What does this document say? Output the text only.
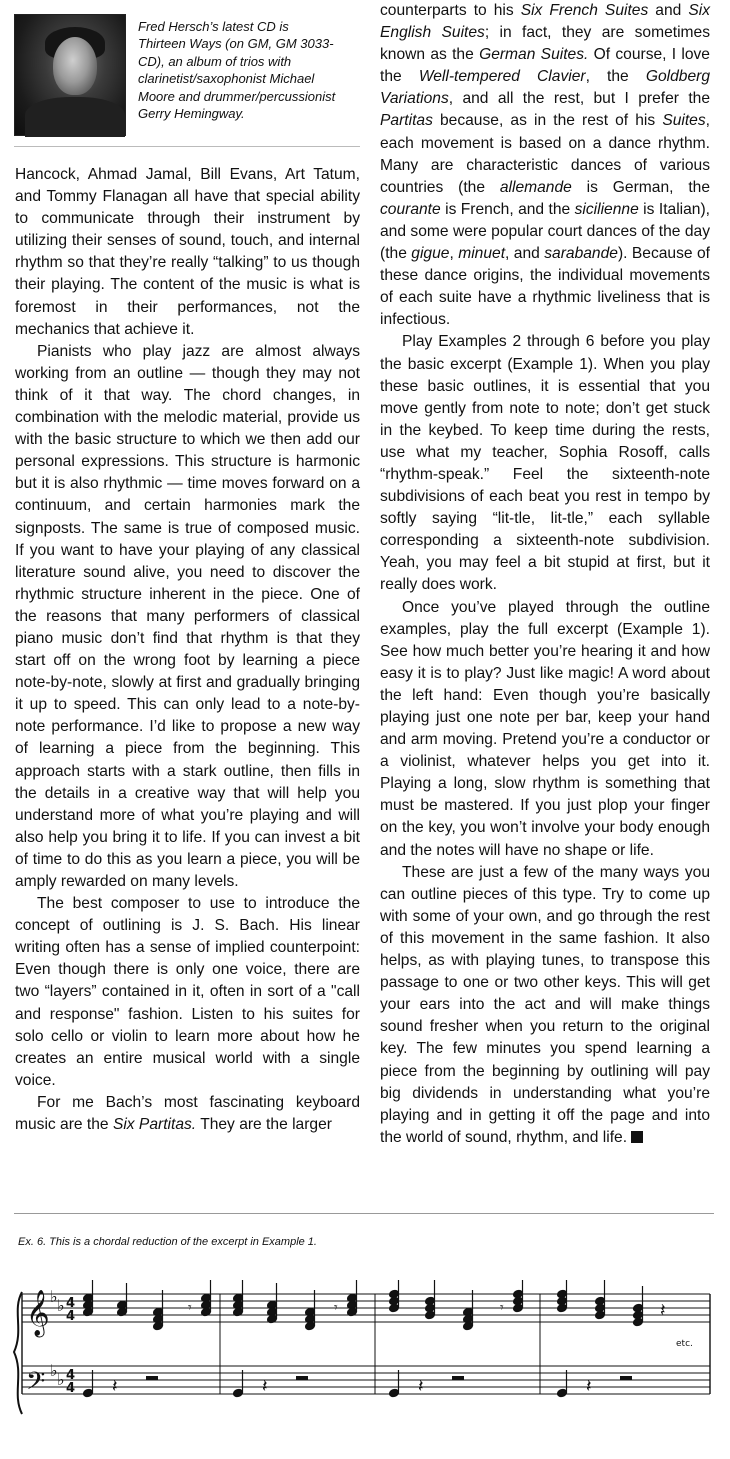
Fred Hersch’s latest CD is Thirteen Ways (on GM, GM 3033-CD), an album of trios with clarinetist/saxophonist Michael Moore and drummer/percussionist Gerry Hemingway.

Hancock, Ahmad Jamal, Bill Evans, Art Tatum, and Tommy Flanagan all have that special ability to communicate through their instrument by utilizing their senses of sound, touch, and internal rhythm so that they’re really “talking” to us though their playing. The content of the music is what is foremost in their performances, not the mechanics that achieve it.

Pianists who play jazz are almost always working from an outline — though they may not think of it that way. The chord changes, in combination with the melodic material, provide us with the basic structure to which we then add our personal expressions. This structure is harmonic but it is also rhythmic — time moves forward on a continuum, and certain harmonies mark the signposts. The same is true of composed music. If you want to have your playing of any classical literature sound alive, you need to discover the rhythmic structure inherent in the piece. One of the reasons that many performers of classical piano music don’t find that rhythm is that they start off on the wrong foot by learning a piece note-by-note, slowly at first and gradually bringing it up to speed. This can only lead to a note-by-note performance. I’d like to propose a new way of learning a piece from the beginning. This approach starts with a stark outline, then fills in the details in a creative way that will help you understand more of what you’re playing and will also help you bring it to life. If you can invest a bit of time to do this as you learn a piece, you will be amply rewarded on many levels.

The best composer to use to introduce the concept of outlining is J. S. Bach. His linear writing often has a sense of implied counterpoint: Even though there is only one voice, there are two “layers” contained in it, often in sort of a "call and response" fashion. Listen to his suites for solo cello or violin to learn more about how he creates an entire musical world with a single voice.

For me Bach’s most fascinating keyboard music are the Six Partitas. They are the larger

counterparts to his Six French Suites and Six English Suites; in fact, they are sometimes known as the German Suites. Of course, I love the Well-tempered Clavier, the Goldberg Variations, and all the rest, but I prefer the Partitas because, as in the rest of his Suites, each movement is based on a dance rhythm. Many are characteristic dances of various countries (the allemande is German, the courante is French, and the sicilienne is Italian), and some were popular court dances of the day (the gigue, minuet, and sarabande). Because of these dance origins, the individual movements of each suite have a rhythmic liveliness that is infectious.

Play Examples 2 through 6 before you play the basic excerpt (Example 1). When you play these basic outlines, it is essential that you move gently from note to note; don’t get stuck in the keybed. To keep time during the rests, use what my teacher, Sophia Rosoff, calls “rhythm-speak.” Feel the sixteenth-note subdivisions of each beat you rest in tempo by softly saying “lit-tle, lit-tle,” each syllable corresponding a sixteenth-note subdivision. Yeah, you may feel a bit stupid at first, but it really does work.

Once you’ve played through the outline examples, play the full excerpt (Example 1). See how much better you’re hearing it and how easy it is to play? Just like magic! A word about the left hand: Even though you’re basically playing just one note per bar, keep your hand and arm moving. Pretend you’re a conductor or a violinist, whatever helps you get into it. Playing a long, slow rhythm is something that must be mastered. If you just plop your finger on the key, you won’t involve your body enough and the notes will have no shape or life.

These are just a few of the many ways you can outline pieces of this type. Try to come up with some of your own, and go through the rest of this movement in the same fashion. It also helps, as with playing tunes, to transpose this passage to one or two other keys. This will get your ears into the act and will make things sound fresher when you return to the original key. The few minutes you spend learning a piece from the beginning by outlining will pay big dividends in understanding what you’re playing and in getting it off the page and into the world of sound, rhythm, and life.

Ex. 6. This is a chordal reduction of the excerpt in Example 1.
𝄞
𝄢
♭ ♭
♭ ♭
4
4
4
4
𝄾	𝄾	𝄾	𝄽
𝄽	𝄽	𝄽	𝄽
etc.
